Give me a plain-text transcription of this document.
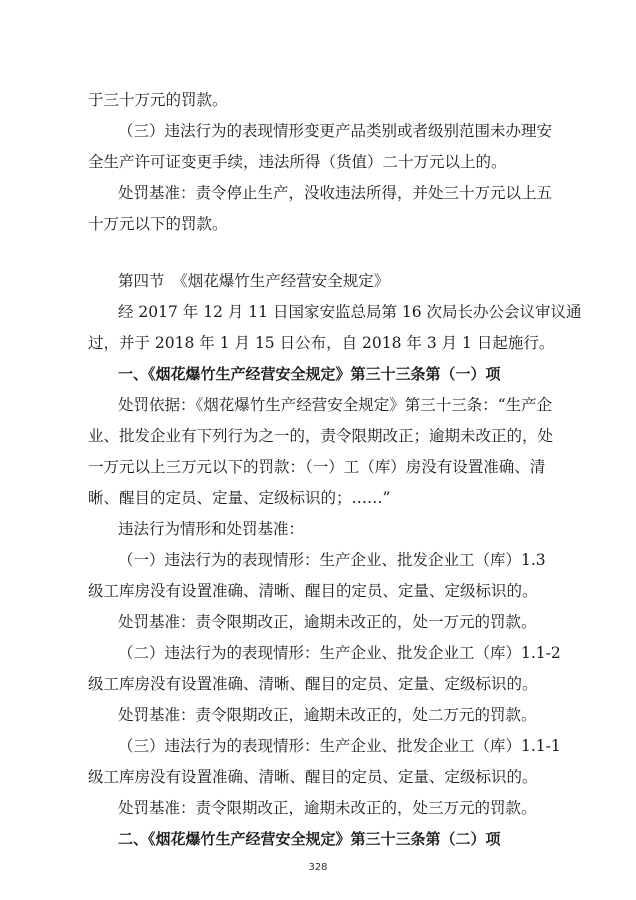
于三十万元的罚款。
（三）违法行为的表现情形变更产品类别或者级别范围未办理安
全生产许可证变更手续，违法所得（货值）二十万元以上的。
处罚基准：责令停止生产，没收违法所得，并处三十万元以上五
十万元以下的罚款。
第四节　《烟花爆竹生产经营安全规定》
经 2017 年 12 月 11 日国家安监总局第 16 次局长办公会议审议通
过，并于 2018 年 1 月 15 日公布，自 2018 年 3 月 1 日起施行。
一、《烟花爆竹生产经营安全规定》第三十三条第（一）项
处罚依据：《烟花爆竹生产经营安全规定》第三十三条：“生产企
业、批发企业有下列行为之一的，责令限期改正；逾期未改正的，处
一万元以上三万元以下的罚款：（一）工（库）房没有设置准确、清
晰、醒目的定员、定量、定级标识的；……”
违法行为情形和处罚基准：
（一）违法行为的表现情形：生产企业、批发企业工（库）1.3
级工库房没有设置准确、清晰、醒目的定员、定量、定级标识的。
处罚基准：责令限期改正，逾期未改正的，处一万元的罚款。
（二）违法行为的表现情形：生产企业、批发企业工（库）1.1-2
级工库房没有设置准确、清晰、醒目的定员、定量、定级标识的。
处罚基准：责令限期改正，逾期未改正的，处二万元的罚款。
（三）违法行为的表现情形：生产企业、批发企业工（库）1.1-1
级工库房没有设置准确、清晰、醒目的定员、定量、定级标识的。
处罚基准：责令限期改正，逾期未改正的，处三万元的罚款。
二、《烟花爆竹生产经营安全规定》第三十三条第（二）项
328
